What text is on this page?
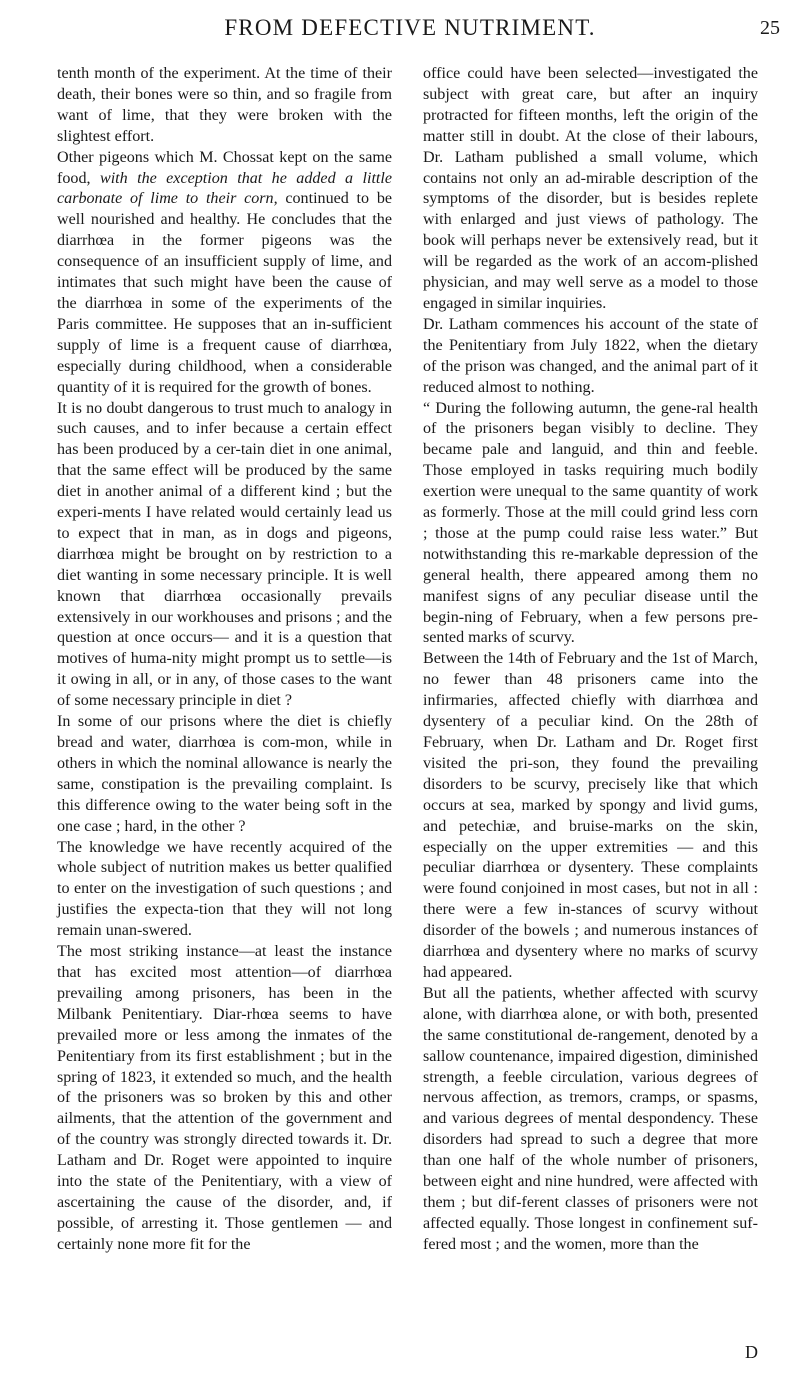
FROM DEFECTIVE NUTRIMENT.	25

tenth month of the experiment. At the time of their death, their bones were so thin, and so fragile from want of lime, that they were broken with the slightest effort.

Other pigeons which M. Chossat kept on the same food, with the exception that he added a little carbonate of lime to their corn, continued to be well nourished and healthy. He concludes that the diarrhœa in the former pigeons was the consequence of an insufficient supply of lime, and intimates that such might have been the cause of the diarrhœa in some of the experiments of the Paris committee. He supposes that an in-sufficient supply of lime is a frequent cause of diarrhœa, especially during childhood, when a considerable quantity of it is required for the growth of bones.

It is no doubt dangerous to trust much to analogy in such causes, and to infer because a certain effect has been produced by a cer-tain diet in one animal, that the same effect will be produced by the same diet in another animal of a different kind ; but the experi-ments I have related would certainly lead us to expect that in man, as in dogs and pigeons, diarrhœa might be brought on by restriction to a diet wanting in some necessary principle. It is well known that diarrhœa occasionally prevails extensively in our workhouses and prisons ; and the question at once occurs— and it is a question that motives of huma-nity might prompt us to settle—is it owing in all, or in any, of those cases to the want of some necessary principle in diet ?

In some of our prisons where the diet is chiefly bread and water, diarrhœa is com-mon, while in others in which the nominal allowance is nearly the same, constipation is the prevailing complaint. Is this difference owing to the water being soft in the one case ; hard, in the other ?

The knowledge we have recently acquired of the whole subject of nutrition makes us better qualified to enter on the investigation of such questions ; and justifies the expecta-tion that they will not long remain unan-swered.

The most striking instance—at least the instance that has excited most attention—of diarrhœa prevailing among prisoners, has been in the Milbank Penitentiary. Diar-rhœa seems to have prevailed more or less among the inmates of the Penitentiary from its first establishment ; but in the spring of 1823, it extended so much, and the health of the prisoners was so broken by this and other ailments, that the attention of the government and of the country was strongly directed towards it. Dr. Latham and Dr. Roget were appointed to inquire into the state of the Penitentiary, with a view of ascertaining the cause of the disorder, and, if possible, of arresting it. Those gentlemen — and certainly none more fit for the

office could have been selected—investigated the subject with great care, but after an inquiry protracted for fifteen months, left the origin of the matter still in doubt. At the close of their labours, Dr. Latham published a small volume, which contains not only an ad-mirable description of the symptoms of the disorder, but is besides replete with enlarged and just views of pathology. The book will perhaps never be extensively read, but it will be regarded as the work of an accom-plished physician, and may well serve as a model to those engaged in similar inquiries.

Dr. Latham commences his account of the state of the Penitentiary from July 1822, when the dietary of the prison was changed, and the animal part of it reduced almost to nothing.

“ During the following autumn, the gene-ral health of the prisoners began visibly to decline. They became pale and languid, and thin and feeble. Those employed in tasks requiring much bodily exertion were unequal to the same quantity of work as formerly. Those at the mill could grind less corn ; those at the pump could raise less water.” But notwithstanding this re-markable depression of the general health, there appeared among them no manifest signs of any peculiar disease until the begin-ning of February, when a few persons pre-sented marks of scurvy.

Between the 14th of February and the 1st of March, no fewer than 48 prisoners came into the infirmaries, affected chiefly with diarrhœa and dysentery of a peculiar kind. On the 28th of February, when Dr. Latham and Dr. Roget first visited the pri-son, they found the prevailing disorders to be scurvy, precisely like that which occurs at sea, marked by spongy and livid gums, and petechiæ, and bruise-marks on the skin, especially on the upper extremities — and this peculiar diarrhœa or dysentery. These complaints were found conjoined in most cases, but not in all : there were a few in-stances of scurvy without disorder of the bowels ; and numerous instances of diarrhœa and dysentery where no marks of scurvy had appeared.

But all the patients, whether affected with scurvy alone, with diarrhœa alone, or with both, presented the same constitutional de-rangement, denoted by a sallow countenance, impaired digestion, diminished strength, a feeble circulation, various degrees of nervous affection, as tremors, cramps, or spasms, and various degrees of mental despondency. These disorders had spread to such a degree that more than one half of the whole number of prisoners, between eight and nine hundred, were affected with them ; but dif-ferent classes of prisoners were not affected equally. Those longest in confinement suf-fered most ; and the women, more than the

D
